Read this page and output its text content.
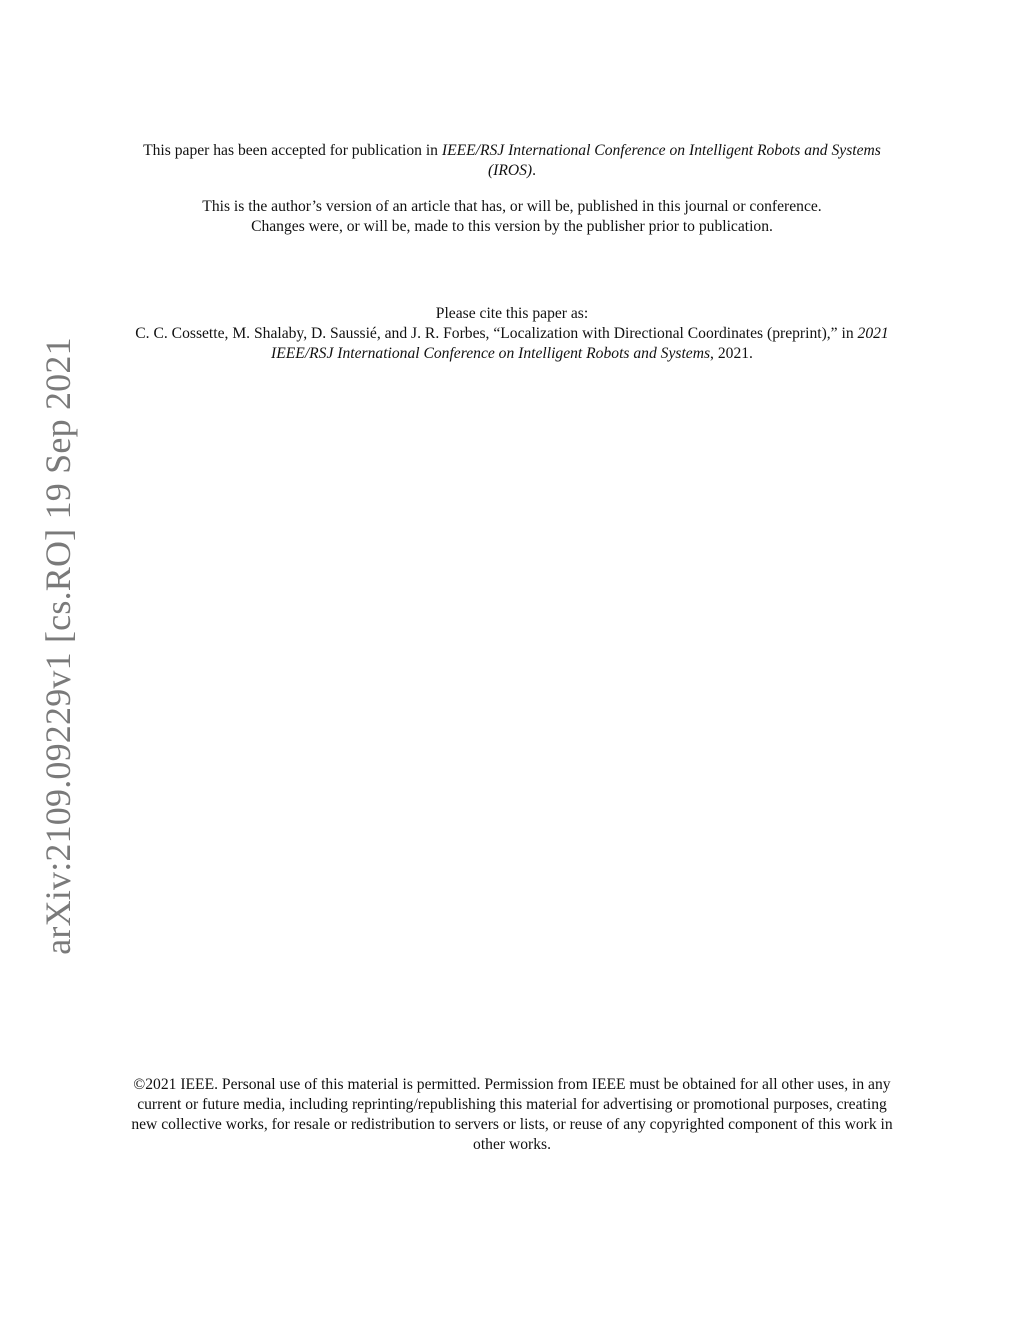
arXiv:2109.09229v1 [cs.RO] 19 Sep 2021

This paper has been accepted for publication in IEEE/RSJ International Conference on Intelligent Robots and Systems (IROS).

This is the author’s version of an article that has, or will be, published in this journal or conference.

Changes were, or will be, made to this version by the publisher prior to publication.

Please cite this paper as:

C. C. Cossette, M. Shalaby, D. Saussié, and J. R. Forbes, “Localization with Directional Coordinates (preprint),” in 2021 IEEE/RSJ International Conference on Intelligent Robots and Systems, 2021.

©2021 IEEE. Personal use of this material is permitted. Permission from IEEE must be obtained for all other uses, in any current or future media, including reprinting/republishing this material for advertising or promotional purposes, creating new collective works, for resale or redistribution to servers or lists, or reuse of any copyrighted component of this work in other works.
